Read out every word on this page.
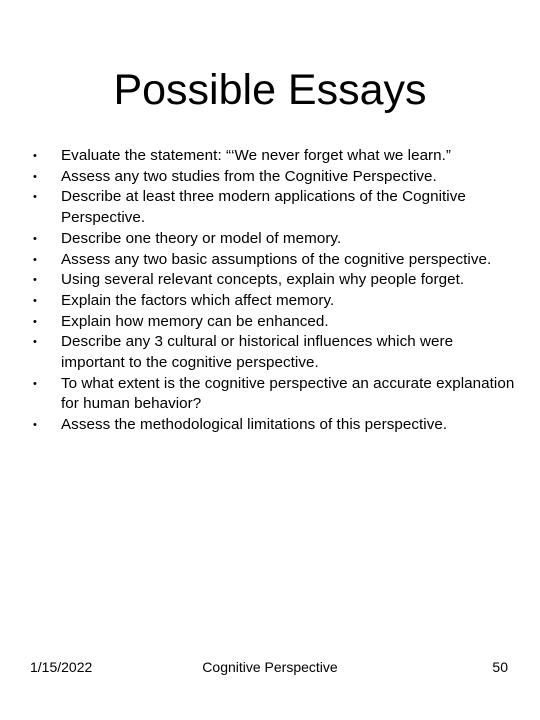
Possible Essays
• Evaluate the statement: “‘We never forget what we learn.”
• Assess any two studies from the Cognitive Perspective.
• Describe at least three modern applications of the Cognitive Perspective.
• Describe one theory or model of memory.
• Assess any two basic assumptions of the cognitive perspective.
• Using several relevant concepts, explain why people forget.
• Explain the factors which affect memory.
• Explain how memory can be enhanced.
• Describe any 3 cultural or historical influences which were important to the cognitive perspective.
• To what extent is the cognitive perspective an accurate explanation for human behavior?
• Assess the methodological limitations of this perspective.
1/15/2022	Cognitive Perspective	50
